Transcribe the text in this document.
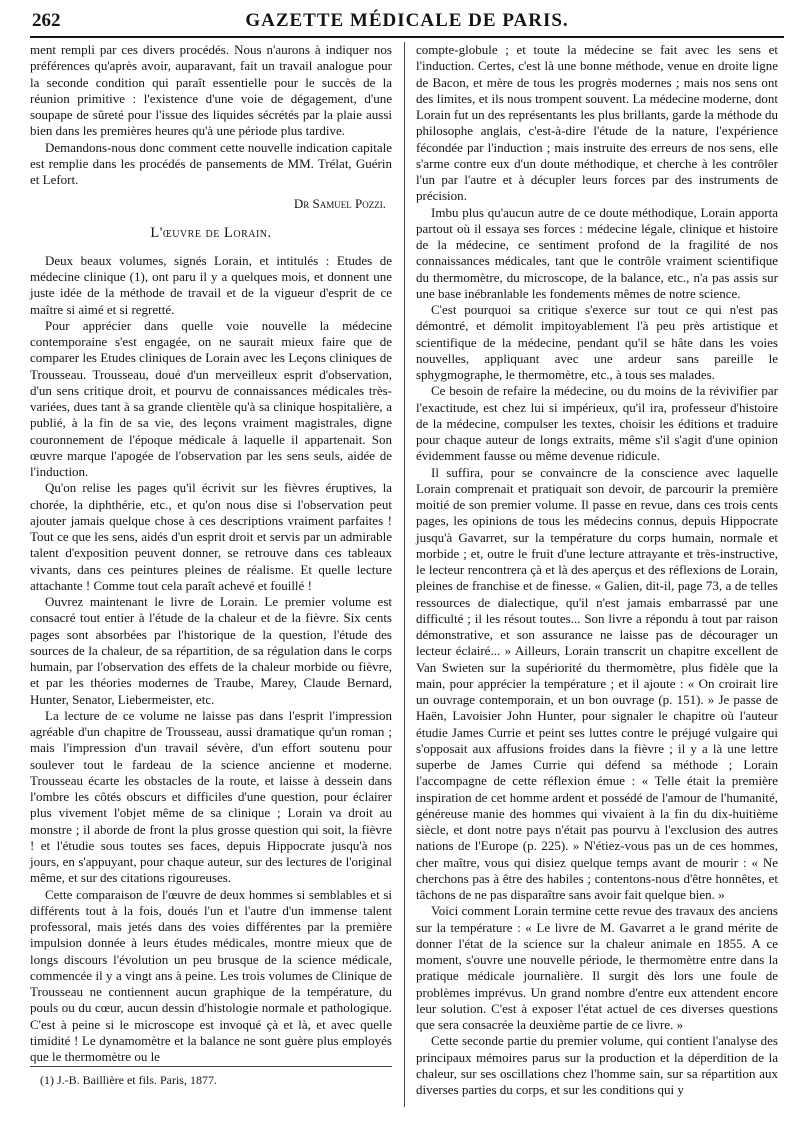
262	GAZETTE MÉDICALE DE PARIS.

ment rempli par ces divers procédés. Nous n'aurons à indiquer nos préférences qu'après avoir, auparavant, fait un travail analogue pour la seconde condition qui paraît essentielle pour le succès de la réunion primitive : l'existence d'une voie de dégagement, d'une soupape de sûreté pour l'issue des liquides sécrétés par la plaie aussi bien dans les premières heures qu'à une période plus tardive.

Demandons-nous donc comment cette nouvelle indication capitale est remplie dans les procédés de pansements de MM. Trélat, Guérin et Lefort.

Dr Samuel Pozzi.
L'œuvre de Lorain.

Deux beaux volumes, signés Lorain, et intitulés : Etudes de médecine clinique (1), ont paru il y a quelques mois, et donnent une juste idée de la méthode de travail et de la vigueur d'esprit de ce maître si aimé et si regretté.

Pour apprécier dans quelle voie nouvelle la médecine contemporaine s'est engagée, on ne saurait mieux faire que de comparer les Etudes cliniques de Lorain avec les Leçons cliniques de Trousseau. Trousseau, doué d'un merveilleux esprit d'observation, d'un sens critique droit, et pourvu de connaissances médicales très-variées, dues tant à sa grande clientèle qu'à sa clinique hospitalière, a publié, à la fin de sa vie, des leçons vraiment magistrales, digne couronnement de l'époque médicale à laquelle il appartenait. Son œuvre marque l'apogée de l'observation par les sens seuls, aidée de l'induction.

Qu'on relise les pages qu'il écrivit sur les fièvres éruptives, la chorée, la diphthérie, etc., et qu'on nous dise si l'observation peut ajouter jamais quelque chose à ces descriptions vraiment parfaites ! Tout ce que les sens, aidés d'un esprit droit et servis par un admirable talent d'exposition peuvent donner, se retrouve dans ces tableaux vivants, dans ces peintures pleines de réalisme. Et quelle lecture attachante ! Comme tout cela paraît achevé et fouillé !

Ouvrez maintenant le livre de Lorain. Le premier volume est consacré tout entier à l'étude de la chaleur et de la fièvre. Six cents pages sont absorbées par l'historique de la question, l'étude des sources de la chaleur, de sa répartition, de sa régulation dans le corps humain, par l'observation des effets de la chaleur morbide ou fièvre, et par les théories modernes de Traube, Marey, Claude Bernard, Hunter, Senator, Liebermeister, etc.

La lecture de ce volume ne laisse pas dans l'esprit l'impression agréable d'un chapitre de Trousseau, aussi dramatique qu'un roman ; mais l'impression d'un travail sévère, d'un effort soutenu pour soulever tout le fardeau de la science ancienne et moderne. Trousseau écarte les obstacles de la route, et laisse à dessein dans l'ombre les côtés obscurs et difficiles d'une question, pour éclairer plus vivement l'objet même de sa clinique ; Lorain va droit au monstre ; il aborde de front la plus grosse question qui soit, la fièvre ! et l'étudie sous toutes ses faces, depuis Hippocrate jusqu'à nos jours, en s'appuyant, pour chaque auteur, sur des lectures de l'original même, et sur des citations rigoureuses.

Cette comparaison de l'œuvre de deux hommes si semblables et si différents tout à la fois, doués l'un et l'autre d'un immense talent professoral, mais jetés dans des voies différentes par la première impulsion donnée à leurs études médicales, montre mieux que de longs discours l'évolution un peu brusque de la science médicale, commencée il y a vingt ans à peine. Les trois volumes de Clinique de Trousseau ne contiennent aucun graphique de la température, du pouls ou du cœur, aucun dessin d'histologie normale et pathologique. C'est à peine si le microscope est invoqué çà et là, et avec quelle timidité ! Le dynamomètre et la balance ne sont guère plus employés que le thermomètre ou le

compte-globule ; et toute la médecine se fait avec les sens et l'induction. Certes, c'est là une bonne méthode, venue en droite ligne de Bacon, et mère de tous les progrès modernes ; mais nos sens ont des limites, et ils nous trompent souvent. La médecine moderne, dont Lorain fut un des représentants les plus brillants, garde la méthode du philosophe anglais, c'est-à-dire l'étude de la nature, l'expérience fécondée par l'induction ; mais instruite des erreurs de nos sens, elle s'arme contre eux d'un doute méthodique, et cherche à les contrôler l'un par l'autre et à décupler leurs forces par des instruments de précision.

Imbu plus qu'aucun autre de ce doute méthodique, Lorain apporta partout où il essaya ses forces : médecine légale, clinique et histoire de la médecine, ce sentiment profond de la fragilité de nos connaissances médicales, tant que le contrôle vraiment scientifique du thermomètre, du microscope, de la balance, etc., n'a pas assis sur une base inébranlable les fondements mêmes de notre science.

C'est pourquoi sa critique s'exerce sur tout ce qui n'est pas démontré, et démolit impitoyablement l'à peu près artistique et scientifique de la médecine, pendant qu'il se hâte dans les voies nouvelles, appliquant avec une ardeur sans pareille le sphygmographe, le thermomètre, etc., à tous ses malades.

Ce besoin de refaire la médecine, ou du moins de la révivifier par l'exactitude, est chez lui si impérieux, qu'il ira, professeur d'histoire de la médecine, compulser les textes, choisir les éditions et traduire pour chaque auteur de longs extraits, même s'il s'agit d'une opinion évidemment fausse ou même devenue ridicule.

Il suffira, pour se convaincre de la conscience avec laquelle Lorain comprenait et pratiquait son devoir, de parcourir la première moitié de son premier volume. Il passe en revue, dans ces trois cents pages, les opinions de tous les médecins connus, depuis Hippocrate jusqu'à Gavarret, sur la température du corps humain, normale et morbide ; et, outre le fruit d'une lecture attrayante et très-instructive, le lecteur rencontrera çà et là des aperçus et des réflexions de Lorain, pleines de franchise et de finesse. « Galien, dit-il, page 73, a de telles ressources de dialectique, qu'il n'est jamais embarrassé par une difficulté ; il les résout toutes... Son livre a répondu à tout par raison démonstrative, et son assurance ne laisse pas de décourager un lecteur éclairé... » Ailleurs, Lorain transcrit un chapitre excellent de Van Swieten sur la supériorité du thermomètre, plus fidèle que la main, pour apprécier la température ; et il ajoute : « On croirait lire un ouvrage contemporain, et un bon ouvrage (p. 151). » Je passe de Haën, Lavoisier John Hunter, pour signaler le chapitre où l'auteur étudie James Currie et peint ses luttes contre le préjugé vulgaire qui s'opposait aux affusions froides dans la fièvre ; il y a là une lettre superbe de James Currie qui défend sa méthode ; Lorain l'accompagne de cette réflexion émue : « Telle était la première inspiration de cet homme ardent et possédé de l'amour de l'humanité, généreuse manie des hommes qui vivaient à la fin du dix-huitième siècle, et dont notre pays n'était pas pourvu à l'exclusion des autres nations de l'Europe (p. 225). » N'étiez-vous pas un de ces hommes, cher maître, vous qui disiez quelque temps avant de mourir : « Ne cherchons pas à être des habiles ; contentons-nous d'être honnêtes, et tâchons de ne pas disparaître sans avoir fait quelque bien. »

Voici comment Lorain termine cette revue des travaux des anciens sur la température : « Le livre de M. Gavarret a le grand mérite de donner l'état de la science sur la chaleur animale en 1855. A ce moment, s'ouvre une nouvelle période, le thermomètre entre dans la pratique médicale journalière. Il surgit dès lors une foule de problèmes imprévus. Un grand nombre d'entre eux attendent encore leur solution. C'est à exposer l'état actuel de ces diverses questions que sera consacrée la deuxième partie de ce livre. »

Cette seconde partie du premier volume, qui contient l'analyse des principaux mémoires parus sur la production et la déperdition de la chaleur, sur ses oscillations chez l'homme sain, sur sa répartition aux diverses parties du corps, et sur les conditions qui y

(1) J.-B. Baillière et fils. Paris, 1877.
